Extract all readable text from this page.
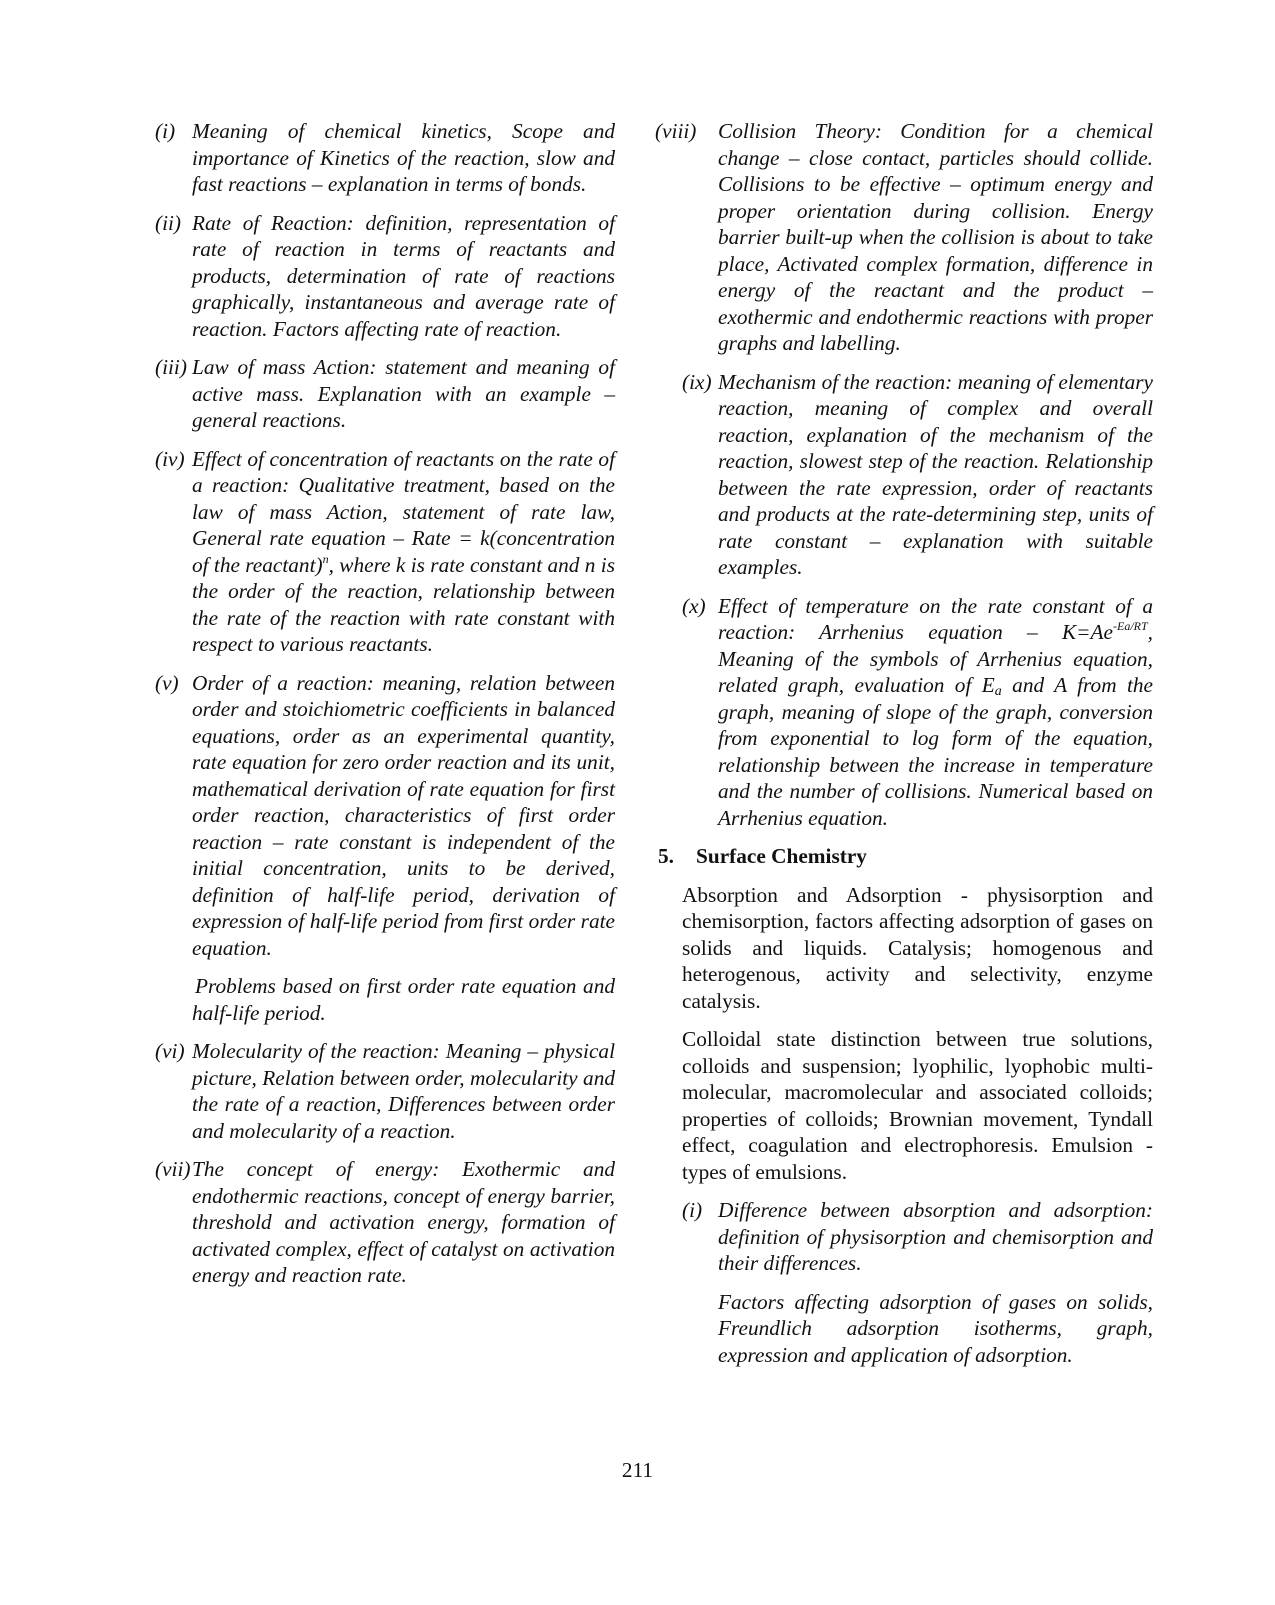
(i) Meaning of chemical kinetics, Scope and importance of Kinetics of the reaction, slow and fast reactions – explanation in terms of bonds.
(ii) Rate of Reaction: definition, representation of rate of reaction in terms of reactants and products, determination of rate of reactions graphically, instantaneous and average rate of reaction. Factors affecting rate of reaction.
(iii) Law of mass Action: statement and meaning of active mass. Explanation with an example – general reactions.
(iv) Effect of concentration of reactants on the rate of a reaction: Qualitative treatment, based on the law of mass Action, statement of rate law, General rate equation – Rate = k(concentration of the reactant)$^n$, where k is rate constant and n is the order of the reaction, relationship between the rate of the reaction with rate constant with respect to various reactants.
(v) Order of a reaction: meaning, relation between order and stoichiometric coefficients in balanced equations, order as an experimental quantity, rate equation for zero order reaction and its unit, mathematical derivation of rate equation for first order reaction, characteristics of first order reaction – rate constant is independent of the initial concentration, units to be derived, definition of half-life period, derivation of expression of half-life period from first order rate equation.

Problems based on first order rate equation and half-life period.

(vi) Molecularity of the reaction: Meaning – physical picture, Relation between order, molecularity and the rate of a reaction, Differences between order and molecularity of a reaction.
(vii) The concept of energy: Exothermic and endothermic reactions, concept of energy barrier, threshold and activation energy, formation of activated complex, effect of catalyst on activation energy and reaction rate.
(viii)	Collision Theory: Condition for a chemical change – close contact, particles should collide. Collisions to be effective – optimum energy and proper orientation during collision. Energy barrier built-up when the collision is about to take place, Activated complex formation, difference in energy of the reactant and the product – exothermic and endothermic reactions with proper graphs and labelling.
(ix) Mechanism of the reaction: meaning of elementary reaction, meaning of complex and overall reaction, explanation of the mechanism of the reaction, slowest step of the reaction. Relationship between the rate expression, order of reactants and products at the rate-determining step, units of rate constant – explanation with suitable examples.
(x) Effect of temperature on the rate constant of a reaction: Arrhenius equation – $K=Ae^{-Ea/RT}$, Meaning of the symbols of Arrhenius equation, related graph, evaluation of $E_a$ and A from the graph, meaning of slope of the graph, conversion from exponential to log form of the equation, relationship between the increase in temperature and the number of collisions. Numerical based on Arrhenius equation.
5.	Surface Chemistry

Absorption and Adsorption - physisorption and chemisorption, factors affecting adsorption of gases on solids and liquids. Catalysis; homogenous and heterogenous, activity and selectivity, enzyme catalysis.

Colloidal state distinction between true solutions, colloids and suspension; lyophilic, lyophobic multi-molecular, macromolecular and associated colloids; properties of colloids; Brownian movement, Tyndall effect, coagulation and electrophoresis. Emulsion - types of emulsions.

(i) Difference between absorption and adsorption: definition of physisorption and chemisorption and their differences.

Factors affecting adsorption of gases on solids, Freundlich adsorption isotherms, graph, expression and application of adsorption.

211
